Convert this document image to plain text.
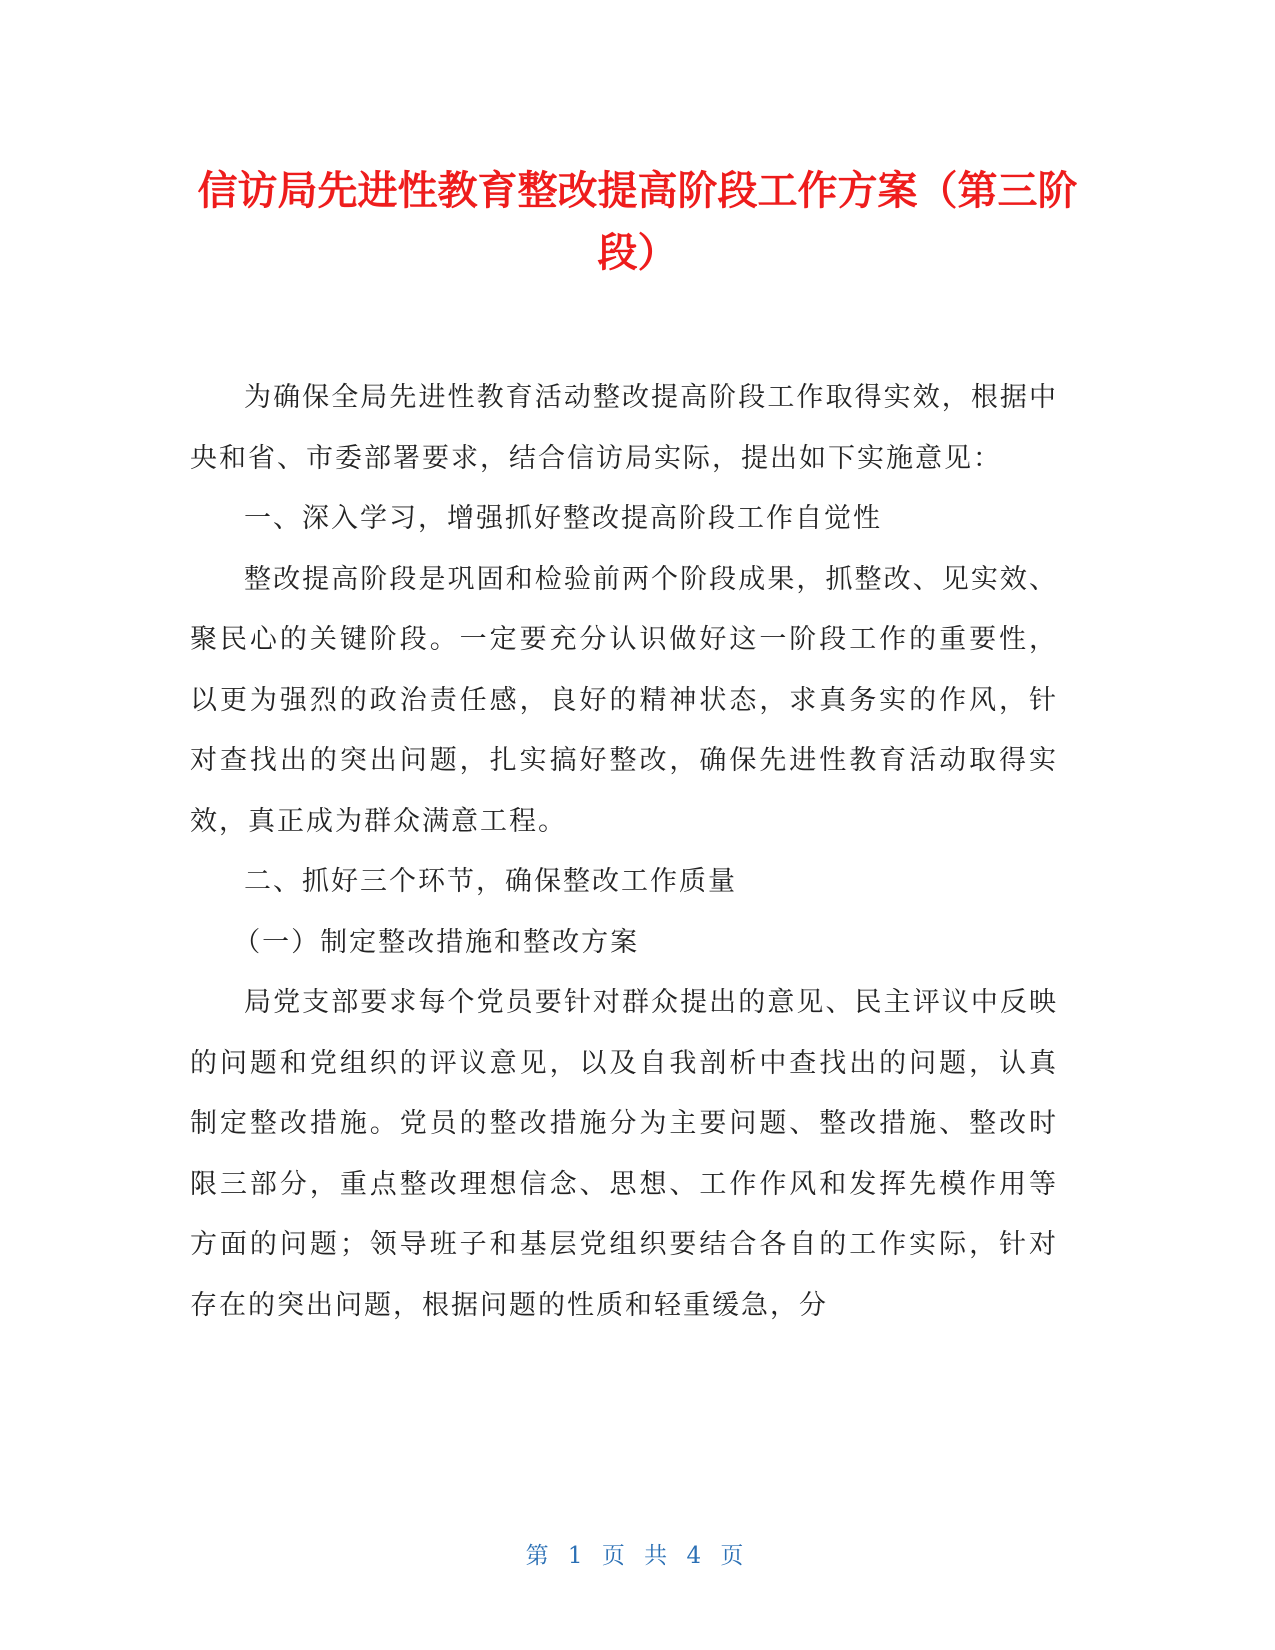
信访局先进性教育整改提高阶段工作方案（第三阶段）

为确保全局先进性教育活动整改提高阶段工作取得实效，根据中央和省、市委部署要求，结合信访局实际，提出如下实施意见：

一、深入学习，增强抓好整改提高阶段工作自觉性

整改提高阶段是巩固和检验前两个阶段成果，抓整改、见实效、聚民心的关键阶段。一定要充分认识做好这一阶段工作的重要性，以更为强烈的政治责任感，良好的精神状态，求真务实的作风，针对查找出的突出问题，扎实搞好整改，确保先进性教育活动取得实效，真正成为群众满意工程。

二、抓好三个环节，确保整改工作质量

（一）制定整改措施和整改方案

局党支部要求每个党员要针对群众提出的意见、民主评议中反映的问题和党组织的评议意见，以及自我剖析中查找出的问题，认真制定整改措施。党员的整改措施分为主要问题、整改措施、整改时限三部分，重点整改理想信念、思想、工作作风和发挥先模作用等方面的问题；领导班子和基层党组织要结合各自的工作实际，针对存在的突出问题，根据问题的性质和轻重缓急，分

第 1 页 共 4 页
